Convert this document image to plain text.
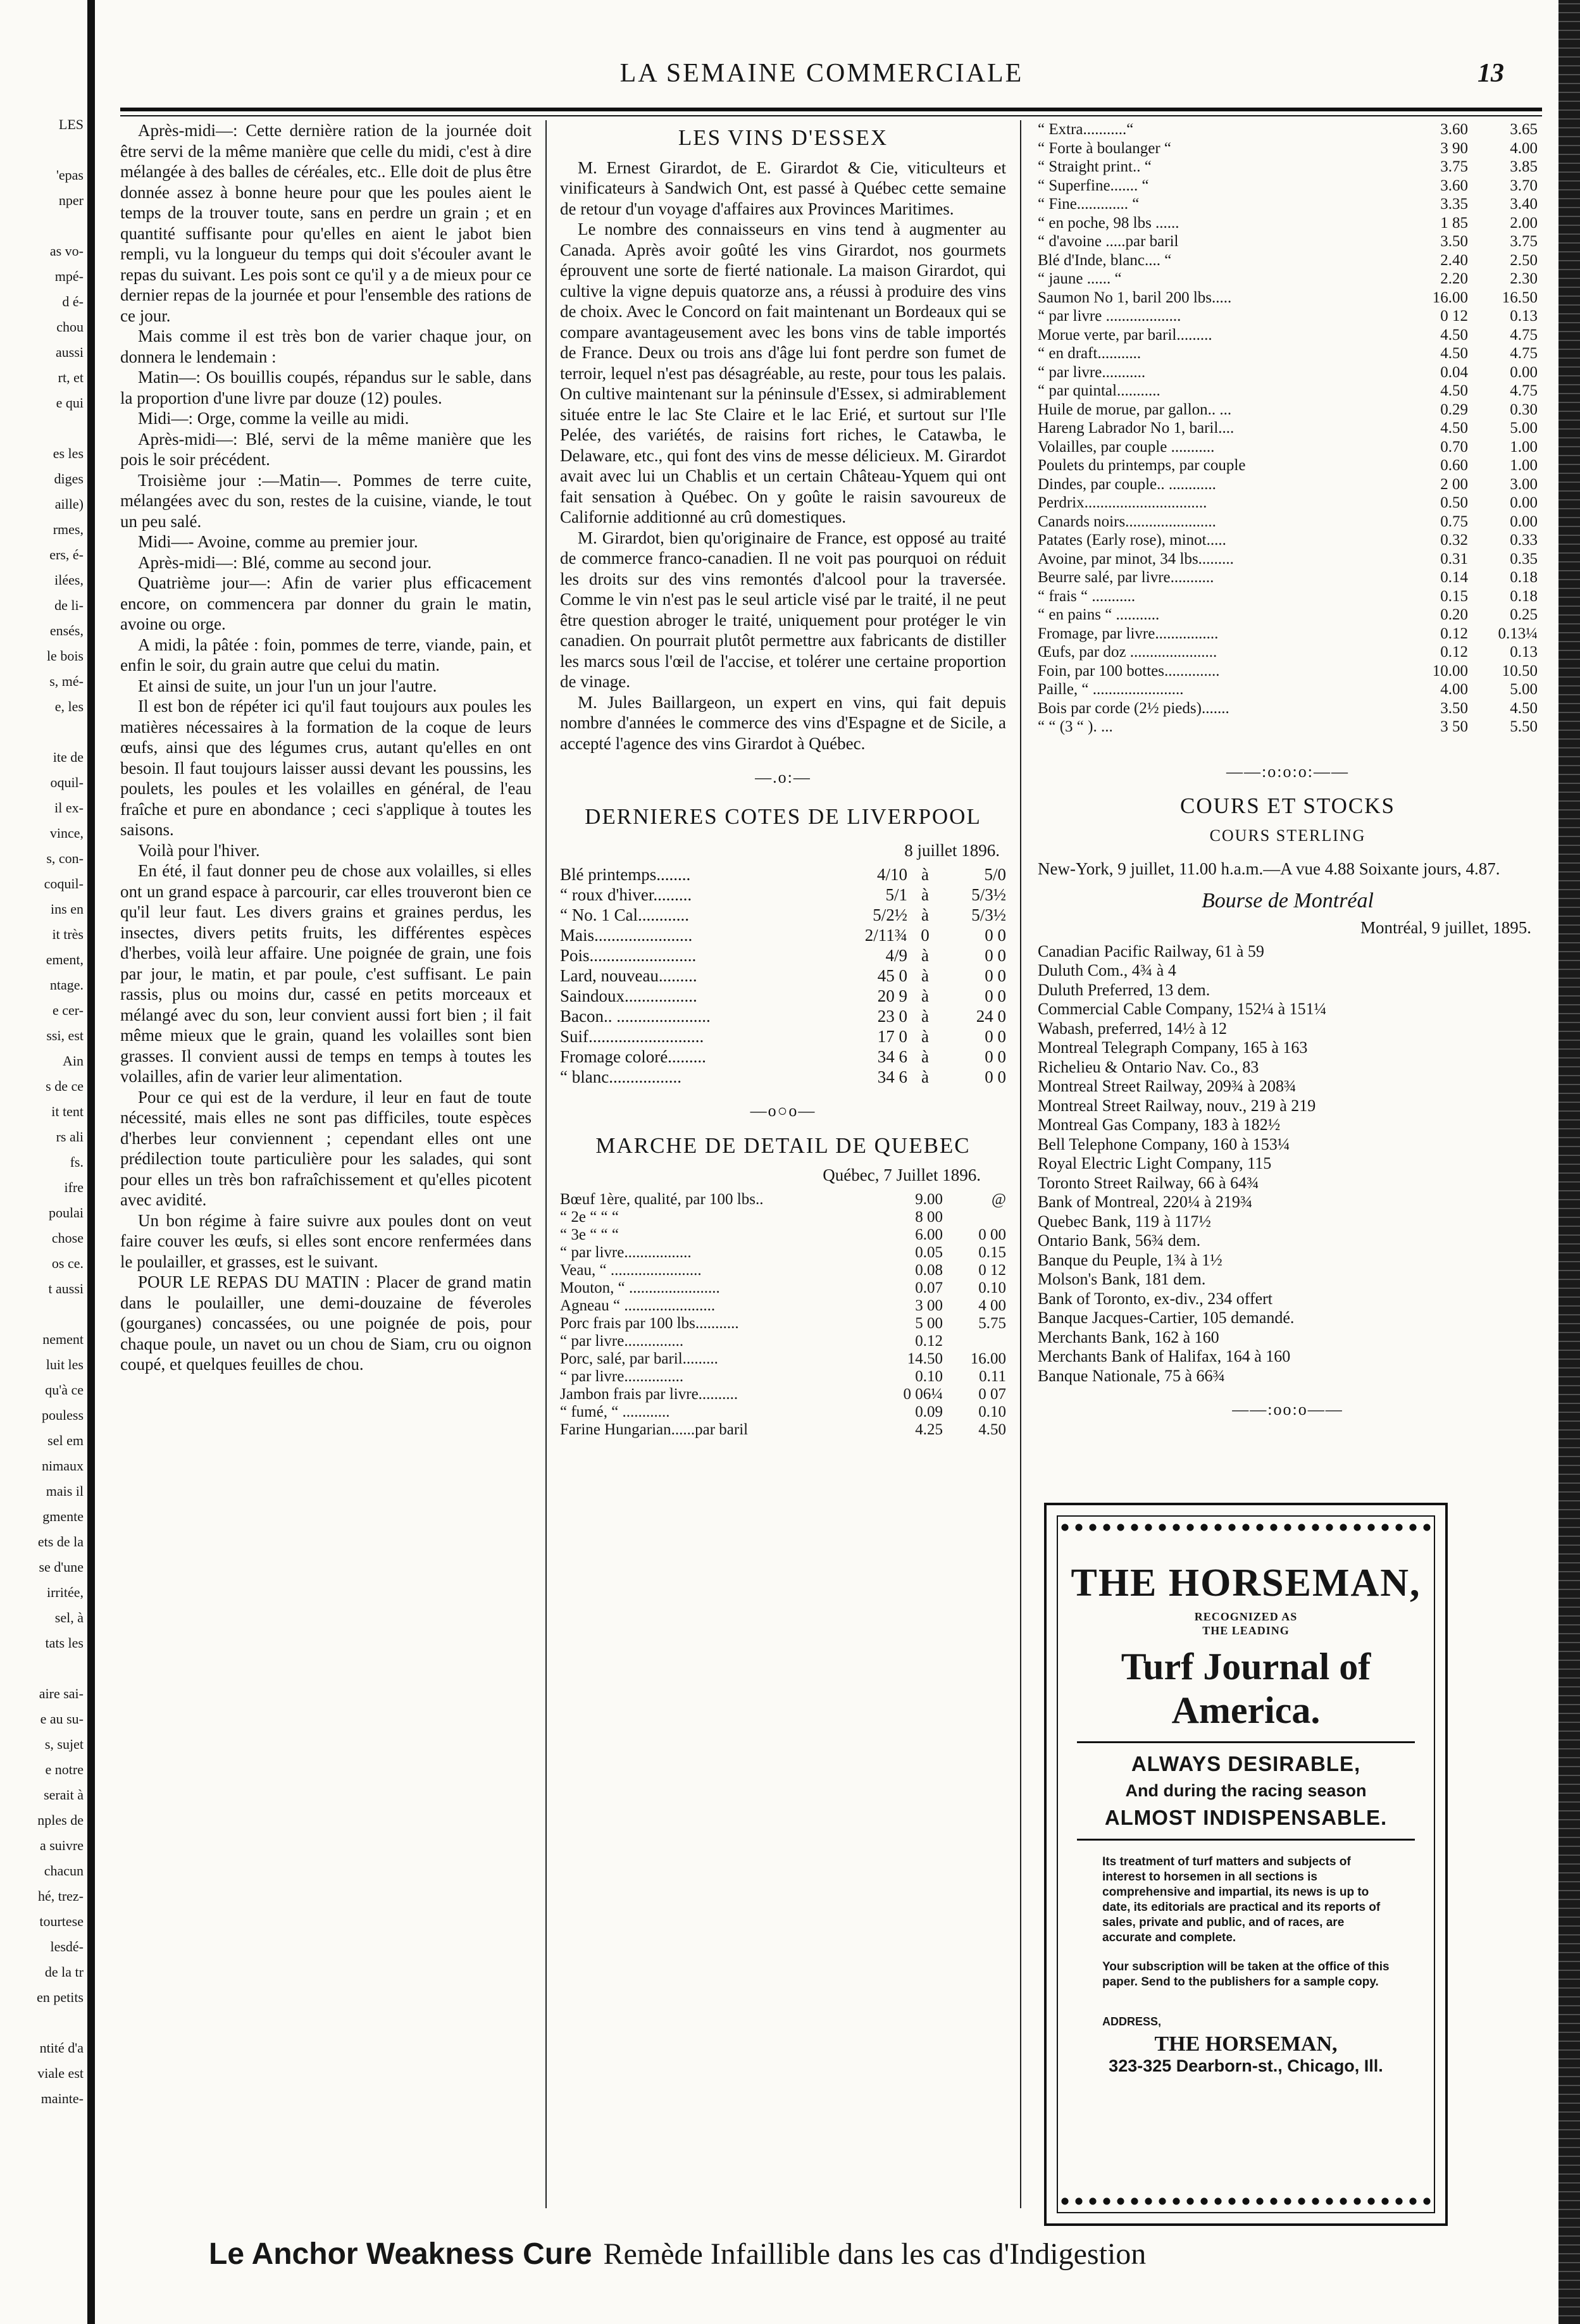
LES
'epas
nper
as vo-
mpé-
d é-
chou
aussi
rt, et
e qui
es les
diges
aille)
rmes,
ers, é-
ilées,
de li-
ensés,
le bois
s, mé-
e, les
ite de
oquil-
il ex-
vince,
s, con-
coquil-
ins en
it très
ement,
ntage.
e cer-
ssi, est
Ain
s de ce
it tent
rs ali
fs.
ifre
poulai
chose
os ce.
t aussi
nement
luit les
qu'à ce
pouless
sel em
nimaux
mais il
gmente
ets de la
se d'une
irritée,
sel, à
tats les
aire sai-
e au su-
s, sujet
e notre
serait à
nples de
a suivre
chacun
hé, trez-
tourtese
lesdé-
de la tr
en petits
ntité d'a
viale est
mainte-
LA SEMAINE COMMERCIALE	13

Après-midi—: Cette dernière ration de la journée doit être servi de la même manière que celle du midi, c'est à dire mélangée à des balles de céréales, etc.. Elle doit de plus être donnée assez à bonne heure pour que les poules aient le temps de la trouver toute, sans en perdre un grain ; et en quantité suffisante pour qu'elles en aient le jabot bien rempli, vu la longueur du temps qui doit s'écouler avant le repas du suivant. Les pois sont ce qu'il y a de mieux pour ce dernier repas de la journée et pour l'ensemble des rations de ce jour.

Mais comme il est très bon de varier chaque jour, on donnera le lendemain :

Matin—: Os bouillis coupés, répandus sur le sable, dans la proportion d'une livre par douze (12) poules.

Midi—: Orge, comme la veille au midi.

Après-midi—: Blé, servi de la même manière que les pois le soir précédent.

Troisième jour :—Matin—. Pommes de terre cuite, mélangées avec du son, restes de la cuisine, viande, le tout un peu salé.

Midi—- Avoine, comme au premier jour.

Après-midi—: Blé, comme au second jour.

Quatrième jour—: Afin de varier plus efficacement encore, on commencera par donner du grain le matin, avoine ou orge.

A midi, la pâtée : foin, pommes de terre, viande, pain, et enfin le soir, du grain autre que celui du matin.

Et ainsi de suite, un jour l'un un jour l'autre.

Il est bon de répéter ici qu'il faut toujours aux poules les matières nécessaires à la formation de la coque de leurs œufs, ainsi que des légumes crus, autant qu'elles en ont besoin. Il faut toujours laisser aussi devant les poussins, les poulets, les poules et les volailles en général, de l'eau fraîche et pure en abondance ; ceci s'applique à toutes les saisons.

Voilà pour l'hiver.

En été, il faut donner peu de chose aux volailles, si elles ont un grand espace à parcourir, car elles trouveront bien ce qu'il leur faut. Les divers grains et graines perdus, les insectes, divers petits fruits, les différentes espèces d'herbes, voilà leur affaire. Une poignée de grain, une fois par jour, le matin, et par poule, c'est suffisant. Le pain rassis, plus ou moins dur, cassé en petits morceaux et mélangé avec du son, leur convient aussi fort bien ; il fait même mieux que le grain, quand les volailles sont bien grasses. Il convient aussi de temps en temps à toutes les volailles, afin de varier leur alimentation.

Pour ce qui est de la verdure, il leur en faut de toute nécessité, mais elles ne sont pas difficiles, toute espèces d'herbes leur conviennent ; cependant elles ont une prédilection toute particulière pour les salades, qui sont pour elles un très bon rafraîchissement et qu'elles picotent avec avidité.

Un bon régime à faire suivre aux poules dont on veut faire couver les œufs, si elles sont encore renfermées dans le poulailler, et grasses, est le suivant.

POUR LE REPAS DU MATIN : Placer de grand matin dans le poulailler, une demi-douzaine de féveroles (gourganes) concassées, ou une poignée de pois, pour chaque poule, un navet ou un chou de Siam, cru ou oignon coupé, et quelques feuilles de chou.

LES VINS D'ESSEX

M. Ernest Girardot, de E. Girardot & Cie, viticulteurs et vinificateurs à Sandwich Ont, est passé à Québec cette semaine de retour d'un voyage d'affaires aux Provinces Maritimes.

Le nombre des connaisseurs en vins tend à augmenter au Canada. Après avoir goûté les vins Girardot, nos gourmets éprouvent une sorte de fierté nationale. La maison Girardot, qui cultive la vigne depuis quatorze ans, a réussi à produire des vins de choix. Avec le Concord on fait maintenant un Bordeaux qui se compare avantageusement avec les bons vins de table importés de France. Deux ou trois ans d'âge lui font perdre son fumet de terroir, lequel n'est pas désagréable, au reste, pour tous les palais. On cultive maintenant sur la péninsule d'Essex, si admirablement située entre le lac Ste Claire et le lac Erié, et surtout sur l'Ile Pelée, des variétés, de raisins fort riches, le Catawba, le Delaware, etc., qui font des vins de messe délicieux. M. Girardot avait avec lui un Chablis et un certain Château-Yquem qui ont fait sensation à Québec. On y goûte le raisin savoureux de Californie additionné au crû domestiques.

M. Girardot, bien qu'originaire de France, est opposé au traité de commerce franco-canadien. Il ne voit pas pourquoi on réduit les droits sur des vins remontés d'alcool pour la traversée. Comme le vin n'est pas le seul article visé par le traité, il ne peut être question abroger le traité, uniquement pour protéger le vin canadien. On pourrait plutôt permettre aux fabricants de distiller les marcs sous l'œil de l'accise, et tolérer une certaine proportion de vinage.

M. Jules Baillargeon, un expert en vins, qui fait depuis nombre d'années le commerce des vins d'Espagne et de Sicile, a accepté l'agence des vins Girardot à Québec.

—.o:—
DERNIERES COTES DE LIVERPOOL
8 juillet 1896.
Blé printemps........	4/10	à	5/0
“ roux d'hiver.........	5/1	à	5/3½
“ No. 1 Cal............	5/2½	à	5/3½
Mais.......................	2/11¾	0	0 0
Pois.........................	4/9	à	0 0
Lard, nouveau.........	45 0	à	0 0
Saindoux.................	20 9	à	0 0
Bacon.. ......................	23 0	à	24 0
Suif...........................	17 0	à	0 0
Fromage coloré.........	34 6	à	0 0
“ blanc.................	34 6	à	0 0
—o○o—
MARCHE DE DETAIL DE QUEBEC
Québec, 7 Juillet 1896.
Bœuf 1ère, qualité, par 100 lbs..	9.00	@
“ 2e “ “ “	8 00	
“ 3e “ “ “	6.00	0 00
“ par livre.................	0.05	0.15
Veau, “ .......................	0.08	0 12
Mouton, “ .......................	0.07	0.10
Agneau “ .......................	3 00	4 00
Porc frais par 100 lbs...........	5 00	5.75
“ par livre...............	0.12	
Porc, salé, par baril.........	14.50	16.00
“ par livre...............	0.10	0.11
Jambon frais par livre..........	0 06¼	0 07
“ fumé, “ ............	0.09	0.10
Farine Hungarian......par baril	4.25	4.50
“ Extra...........“	3.60	3.65
“ Forte à boulanger “	3 90	4.00
“ Straight print.. “	3.75	3.85
“ Superfine....... “	3.60	3.70
“ Fine............. “	3.35	3.40
“ en poche, 98 lbs ......	1 85	2.00
“ d'avoine .....par baril	3.50	3.75
Blé d'Inde, blanc.... “	2.40	2.50
“ jaune ...... “	2.20	2.30
Saumon No 1, baril 200 lbs.....	16.00	16.50
“ par livre ...................	0 12	0.13
Morue verte, par baril.........	4.50	4.75
“ en draft...........	4.50	4.75
“ par livre...........	0.04	0.00
“ par quintal...........	4.50	4.75
Huile de morue, par gallon.. ...	0.29	0.30
Hareng Labrador No 1, baril....	4.50	5.00
Volailles, par couple ...........	0.70	1.00
Poulets du printemps, par couple	0.60	1.00
Dindes, par couple.. ............	2 00	3.00
Perdrix...............................	0.50	0.00
Canards noirs.......................	0.75	0.00
Patates (Early rose), minot.....	0.32	0.33
Avoine, par minot, 34 lbs.........	0.31	0.35
Beurre salé, par livre...........	0.14	0.18
“ frais “ ...........	0.15	0.18
“ en pains “ ...........	0.20	0.25
Fromage, par livre................	0.12	0.13¼
Œufs, par doz ......................	0.12	0.13
Foin, par 100 bottes..............	10.00	10.50
Paille, “ .......................	4.00	5.00
Bois par corde (2½ pieds).......	3.50	4.50
“ “ (3 “ ). ...	3 50	5.50
——:o:o:o:——
COURS ET STOCKS
COURS STERLING
New-York, 9 juillet, 11.00 h.a.m.—A vue 4.88 Soixante jours, 4.87.
Bourse de Montréal
Montréal, 9 juillet, 1895.
Canadian Pacific Railway, 61 à 59
Duluth Com., 4¾ à 4
Duluth Preferred, 13 dem.
Commercial Cable Company, 152¼ à 151¼
Wabash, preferred, 14½ à 12
Montreal Telegraph Company, 165 à 163
Richelieu & Ontario Nav. Co., 83
Montreal Street Railway, 209¾ à 208¾
Montreal Street Railway, nouv., 219 à 219
Montreal Gas Company, 183 à 182½
Bell Telephone Company, 160 à 153¼
Royal Electric Light Company, 115
Toronto Street Railway, 66 à 64¾
Bank of Montreal, 220¼ à 219¾
Quebec Bank, 119 à 117½
Ontario Bank, 56¾ dem.
Banque du Peuple, 1¾ à 1½
Molson's Bank, 181 dem.
Bank of Toronto, ex-div., 234 offert
Banque Jacques-Cartier, 105 demandé.
Merchants Bank, 162 à 160
Merchants Bank of Halifax, 164 à 160
Banque Nationale, 75 à 66¾
——:oo:o——
THE HORSEMAN,
RECOGNIZED AS THE LEADING
Turf Journal of America.
ALWAYS DESIRABLE,
And during the racing season
ALMOST INDISPENSABLE.
Its treatment of turf matters and subjects of interest to horsemen in all sections is comprehensive and impartial, its news is up to date, its editorials are practical and its reports of sales, private and public, and of races, are accurate and complete.
Your subscription will be taken at the office of this paper. Send to the publishers for a sample copy.
ADDRESS,
THE HORSEMAN,
323-325 Dearborn-st., Chicago, Ill.
Le Anchor Weakness Cure Remède Infaillible dans les cas d'Indigestion
